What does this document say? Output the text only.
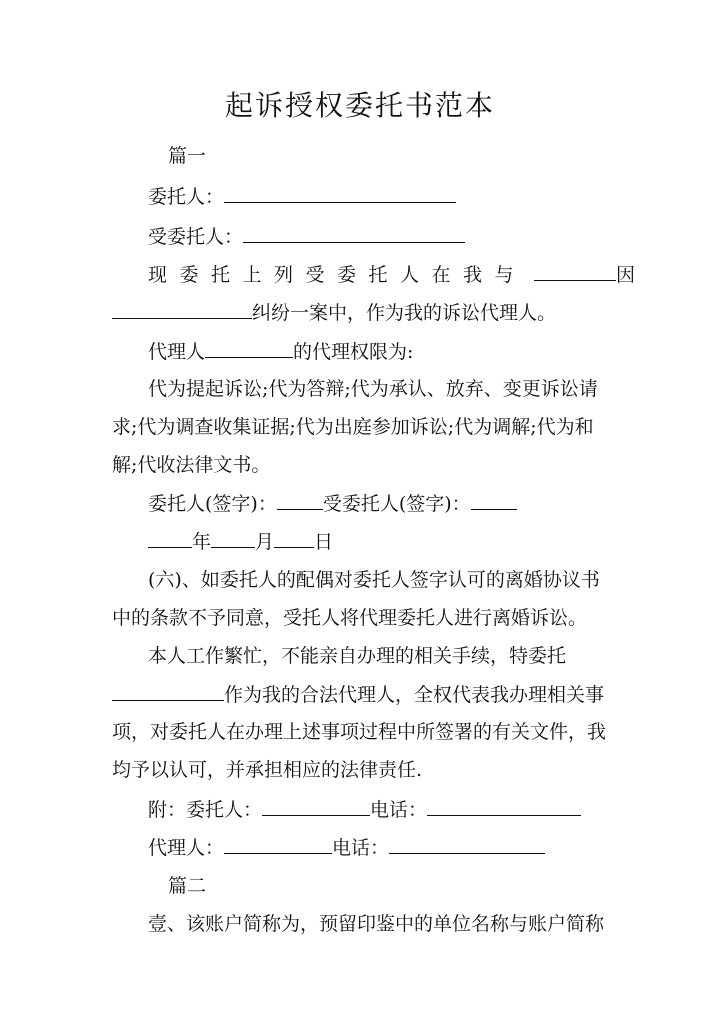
起诉授权委托书范本
篇一
委托人：
受委托人：
现委托上列受委托人在我与	因
纠纷一案中，作为我的诉讼代理人。
代理人	的代理权限为:
代为提起诉讼;代为答辩;代为承认、放弃、变更诉讼请
求;代为调查收集证据;代为出庭参加诉讼;代为调解;代为和
解;代收法律文书。
委托人(签字)： 受委托人(签字)：
年 月 日
(六)、如委托人的配偶对委托人签字认可的离婚协议书
中的条款不予同意，受托人将代理委托人进行离婚诉讼。
本人工作繁忙，不能亲自办理的相关手续，特委托
作为我的合法代理人，全权代表我办理相关事
项，对委托人在办理上述事项过程中所签署的有关文件，我
均予以认可，并承担相应的法律责任.
附：委托人：	电话：
代理人：	电话：
篇二
壹、该账户简称为，预留印鉴中的单位名称与账户简称
